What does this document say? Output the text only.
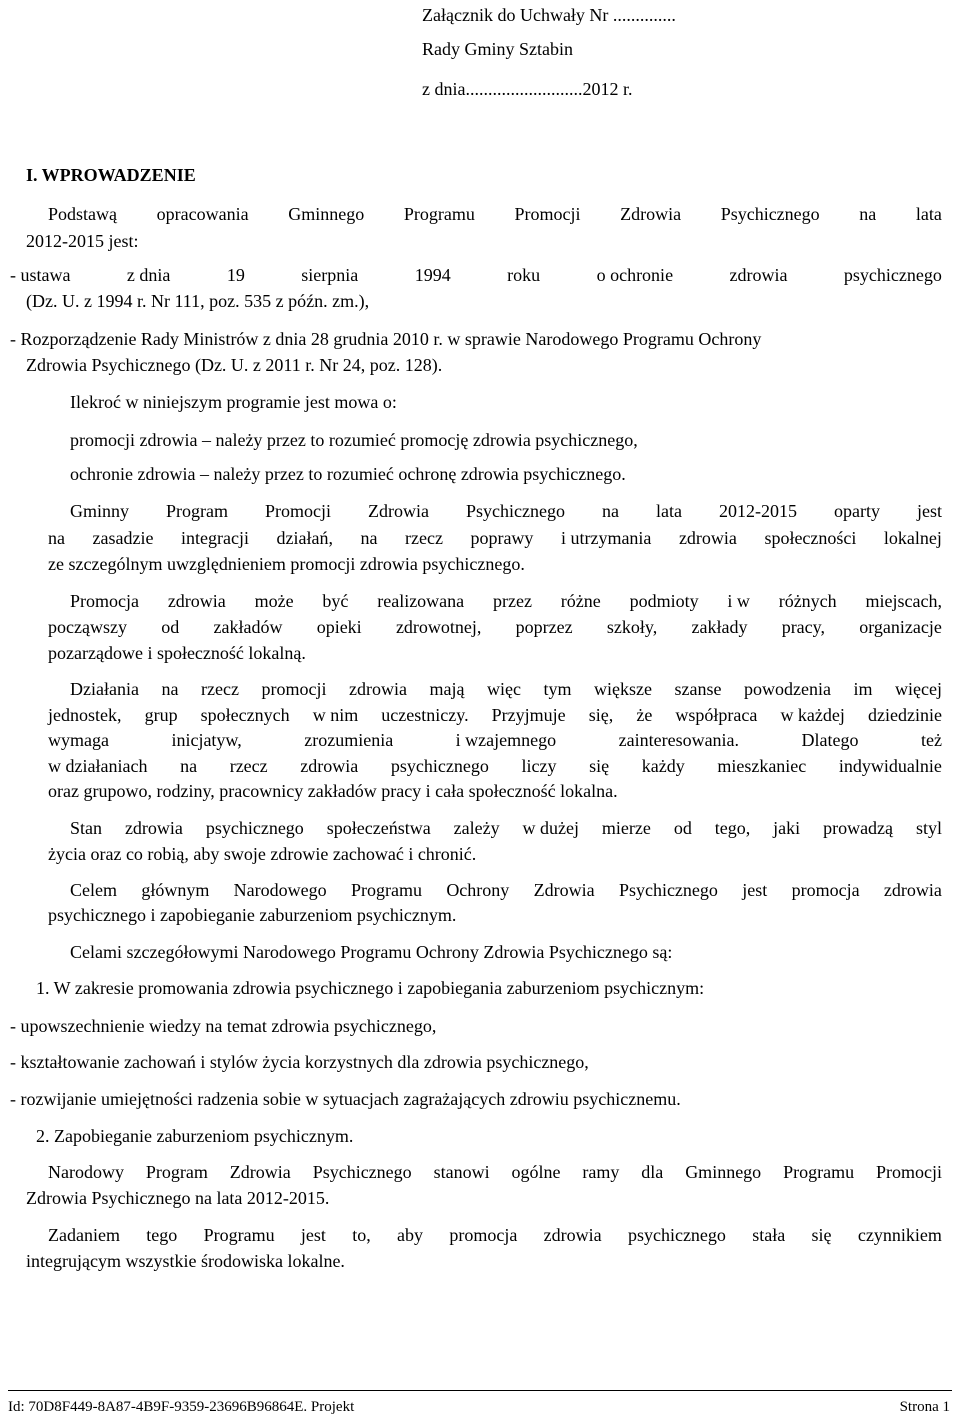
Załącznik do Uchwały Nr ..............
Rady Gminy Sztabin
z dnia..........................2012 r.
I. WPROWADZENIE
Podstawą opracowania Gminnego Programu Promocji Zdrowia Psychicznego na lata
2012-2015 jest:
- ustawa	z dnia	19	sierpnia	1994	roku	o ochronie	zdrowia	psychicznego
(Dz. U. z 1994 r. Nr 111, poz. 535 z późn. zm.),
- Rozporządzenie Rady Ministrów z dnia 28 grudnia 2010 r. w sprawie Narodowego Programu Ochrony
Zdrowia Psychicznego (Dz. U. z 2011 r. Nr 24, poz. 128).
Ilekroć w niniejszym programie jest mowa o:
promocji zdrowia – należy przez to rozumieć promocję zdrowia psychicznego,
ochronie zdrowia – należy przez to rozumieć ochronę zdrowia psychicznego.
Gminny Program Promocji Zdrowia Psychicznego na lata 2012-2015 oparty jest
na zasadzie integracji działań, na rzecz poprawy i utrzymania zdrowia społeczności lokalnej
ze szczególnym uwzględnieniem promocji zdrowia psychicznego.
Promocja zdrowia może być realizowana przez różne podmioty i w różnych miejscach,
począwszy od zakładów opieki zdrowotnej, poprzez szkoły, zakłady pracy, organizacje
pozarządowe i społeczność lokalną.
Działania na rzecz promocji zdrowia mają więc tym większe szanse powodzenia im więcej
jednostek, grup społecznych w nim uczestniczy. Przyjmuje się, że współpraca w każdej dziedzinie
wymaga	inicjatyw,	zrozumienia	i wzajemnego	zainteresowania.	Dlatego	też
w działaniach na rzecz zdrowia psychicznego liczy się każdy mieszkaniec indywidualnie
oraz grupowo, rodziny, pracownicy zakładów pracy i cała społeczność lokalna.
Stan zdrowia psychicznego społeczeństwa zależy w dużej mierze od tego, jaki prowadzą styl
życia oraz co robią, aby swoje zdrowie zachować i chronić.
Celem głównym Narodowego Programu Ochrony Zdrowia Psychicznego jest promocja zdrowia
psychicznego i zapobieganie zaburzeniom psychicznym.
Celami szczegółowymi Narodowego Programu Ochrony Zdrowia Psychicznego są:
1. W zakresie promowania zdrowia psychicznego i zapobiegania zaburzeniom psychicznym:
- upowszechnienie wiedzy na temat zdrowia psychicznego,
- kształtowanie zachowań i stylów życia korzystnych dla zdrowia psychicznego,
- rozwijanie umiejętności radzenia sobie w sytuacjach zagrażających zdrowiu psychicznemu.
2. Zapobieganie zaburzeniom psychicznym.
Narodowy Program Zdrowia Psychicznego stanowi ogólne ramy dla Gminnego Programu Promocji
Zdrowia Psychicznego na lata 2012-2015.
Zadaniem tego Programu jest to, aby promocja zdrowia psychicznego stała się czynnikiem
integrującym wszystkie środowiska lokalne.
Id: 70D8F449-8A87-4B9F-9359-23696B96864E. Projekt	Strona 1
